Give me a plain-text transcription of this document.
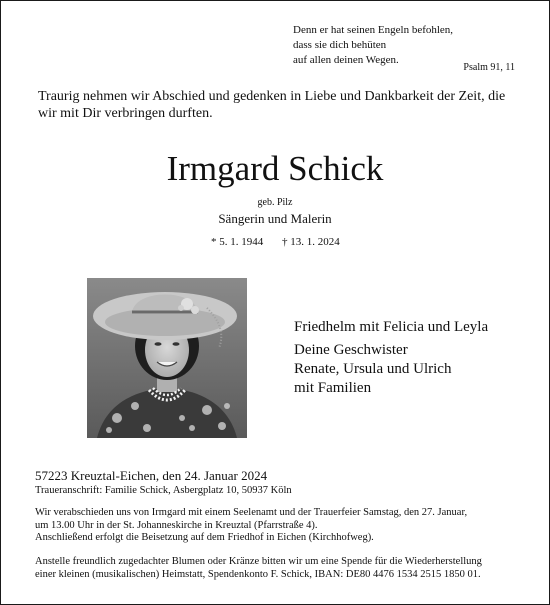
Denn er hat seinen Engeln befohlen,
dass sie dich behüten
auf allen deinen Wegen.
Psalm 91, 11
Traurig nehmen wir Abschied und gedenken in Liebe und Dankbarkeit der Zeit, die wir mit Dir verbringen durften.
Irmgard Schick
geb. Pilz
Sängerin und Malerin
* 5. 1. 1944 † 13. 1. 2024
Friedhelm mit Felicia und Leyla
Deine Geschwister
Renate, Ursula und Ulrich
mit Familien
57223 Kreuztal-Eichen, den 24. Januar 2024
Traueranschrift: Familie Schick, Asbergplatz 10, 50937 Köln
Wir verabschieden uns von Irmgard mit einem Seelenamt und der Trauerfeier Samstag, den 27. Januar,
um 13.00 Uhr in der St. Johanneskirche in Kreuztal (Pfarrstraße 4).
Anschließend erfolgt die Beisetzung auf dem Friedhof in Eichen (Kirchhofweg).
Anstelle freundlich zugedachter Blumen oder Kränze bitten wir um eine Spende für die Wiederherstellung
einer kleinen (musikalischen) Heimstatt, Spendenkonto F. Schick, IBAN: DE80 4476 1534 2515 1850 01.
